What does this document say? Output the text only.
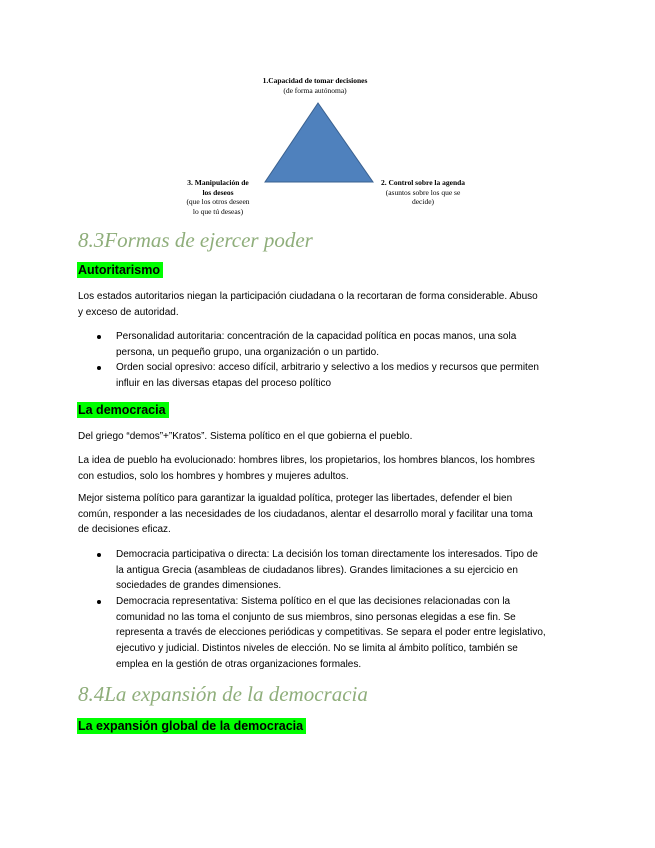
1.Capacidad de tomar decisiones
(de forma autónoma)
2. Control sobre la agenda
(asuntos sobre los que se
decide)
3. Manipulación de
los deseos
(que los otros deseen
lo que tú deseas)
8.3Formas de ejercer poder
Autoritarismo
Los estados autoritarios niegan la participación ciudadana o la recortaran de forma considerable. Abuso
y exceso de autoridad.
Personalidad autoritaria: concentración de la capacidad política en pocas manos, una sola
persona, un pequeño grupo, una organización o un partido.
Orden social opresivo: acceso difícil, arbitrario y selectivo a los medios y recursos que permiten
influir en las diversas etapas del proceso político
La democracia
Del griego “demos”+”Kratos”. Sistema político en el que gobierna el pueblo.
La idea de pueblo ha evolucionado: hombres libres, los propietarios, los hombres blancos, los hombres
con estudios, solo los hombres y hombres y mujeres adultos.
Mejor sistema político para garantizar la igualdad política, proteger las libertades, defender el bien
común, responder a las necesidades de los ciudadanos, alentar el desarrollo moral y facilitar una toma
de decisiones eficaz.
Democracia participativa o directa: La decisión los toman directamente los interesados. Tipo de
la antigua Grecia (asambleas de ciudadanos libres). Grandes limitaciones a su ejercicio en
sociedades de grandes dimensiones.
Democracia representativa: Sistema político en el que las decisiones relacionadas con la
comunidad no las toma el conjunto de sus miembros, sino personas elegidas a ese fin. Se
representa a través de elecciones periódicas y competitivas. Se separa el poder entre legislativo,
ejecutivo y judicial. Distintos niveles de elección. No se limita al ámbito político, también se
emplea en la gestión de otras organizaciones formales.
8.4La expansión de la democracia
La expansión global de la democracia
